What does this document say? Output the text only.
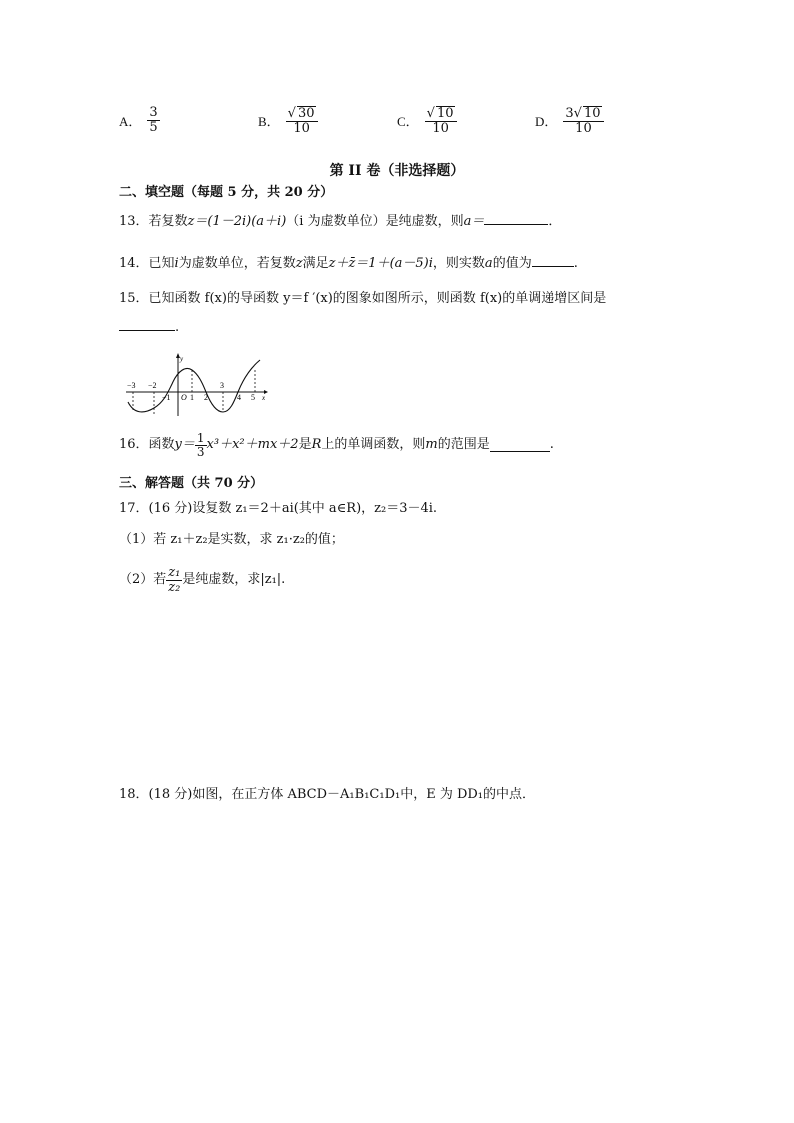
A． $\frac{3}{5}$	B． $\frac{√ 30}{10}$	C． $\frac{√ 10}{10}$	D． $\frac{3√ 10}{10}$
第 II 卷（非选择题）
二、填空题（每题 5 分，共 20 分）
13．若复数z＝(1－2i)(a＋i)（i 为虚数单位）是纯虚数，则a＝	．
14．已知i为虚数单位，若复数z满足z＋z̄＝1＋(a－5)i，则实数a的值为	.
15．已知函数 f(x)的导函数 y＝f ′(x)的图象如图所示，则函数 f(x)的单调递增区间是
.
y
x
O
−3 −2
−1 1 2
3
4 5
16．函数 $y= \frac{1}{3} x^3+x^2+mx+2$ 是 R 上的单调函数，则 m 的范围是	.
三、解答题（共 70 分）
17．(16 分)设复数 z₁＝2＋ai(其中 a∈R)，z₂＝3－4i.
（1）若 z₁＋z₂是实数，求 z₁·z₂的值；
（2）若 $\frac{\text{z₁}}{\text{z₂}}$ 是纯虚数，求|z₁|.
18．(18 分)如图，在正方体 ABCD－A₁B₁C₁D₁中，E 为 DD₁的中点．
